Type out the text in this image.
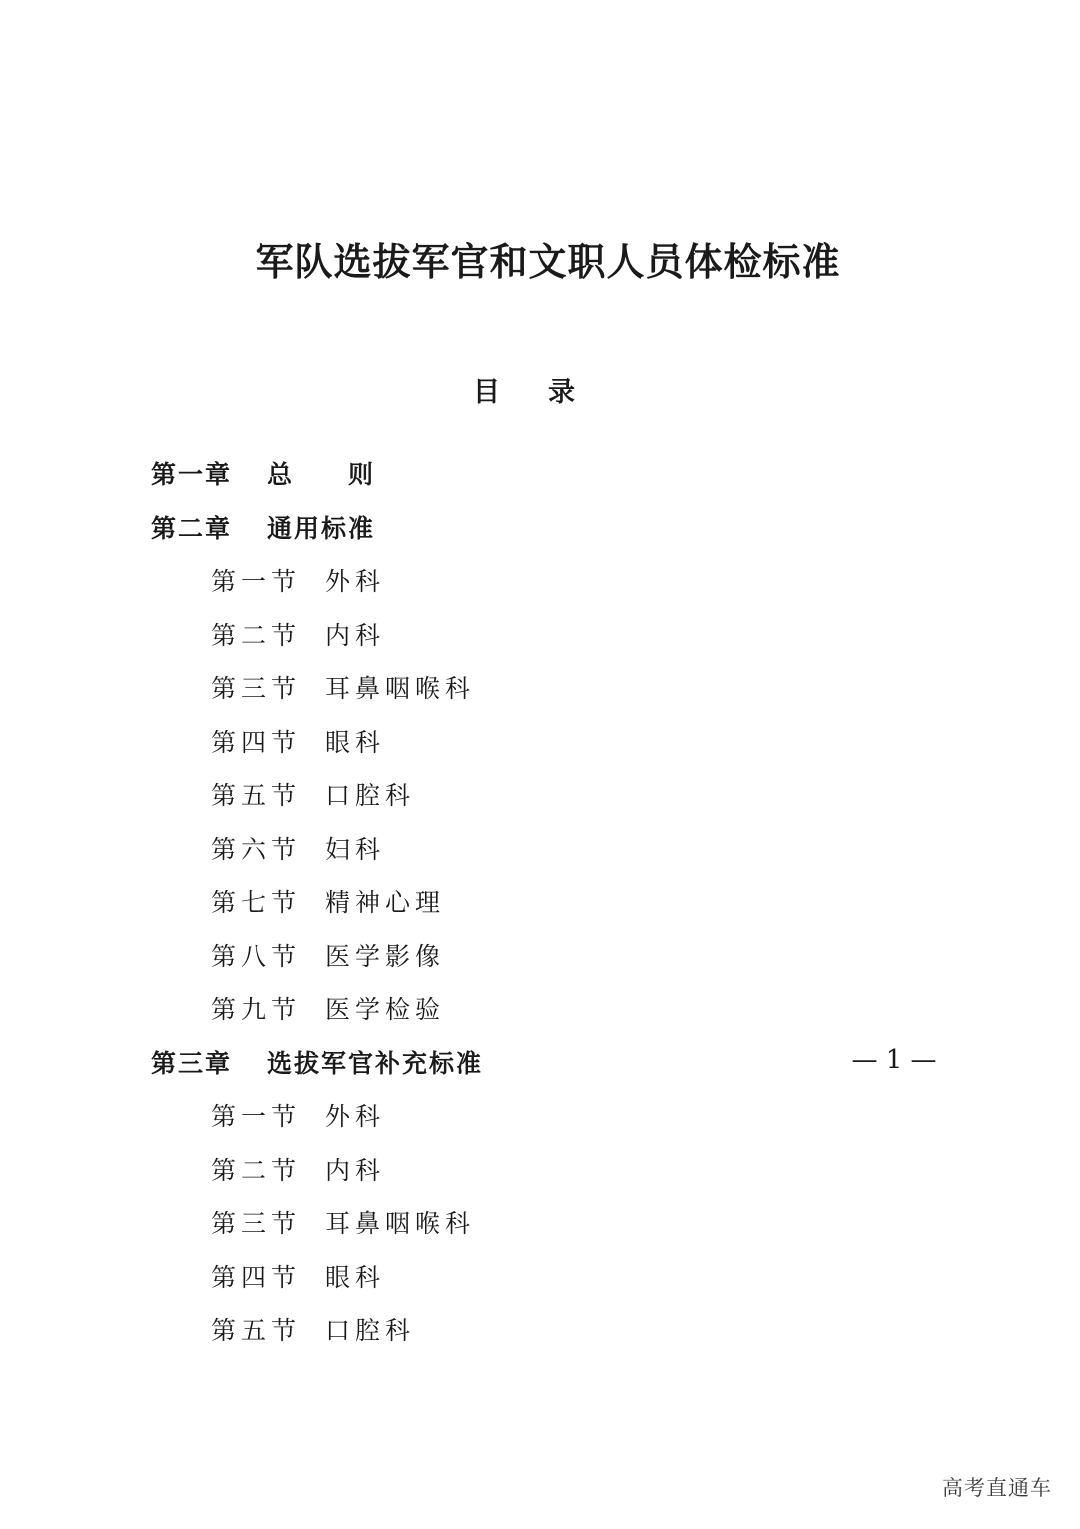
军队选拔军官和文职人员体检标准
目录
第一章 总　　则
第二章 通用标准
第一节 外科
第二节 内科
第三节 耳鼻咽喉科
第四节 眼科
第五节 口腔科
第六节 妇科
第七节 精神心理
第八节 医学影像
第九节 医学检验
第三章 选拔军官补充标准
第一节 外科
第二节 内科
第三节 耳鼻咽喉科
第四节 眼科
第五节 口腔科
— 1 —
高考直通车
